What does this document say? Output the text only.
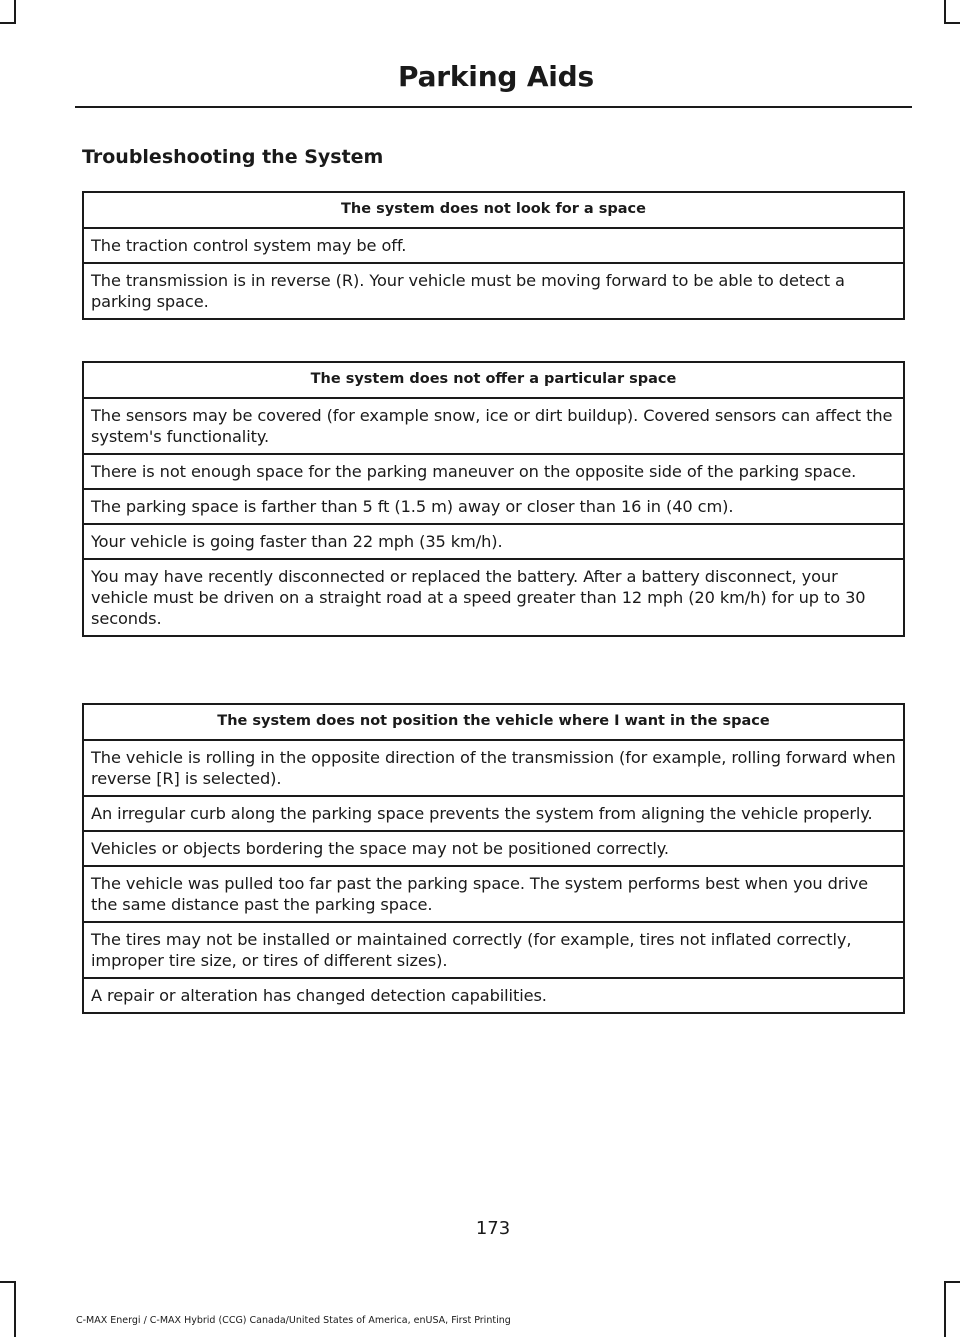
Parking Aids
Troubleshooting the System
The system does not look for a space
The traction control system may be off.
The transmission is in reverse (R). Your vehicle must be moving forward to be able to detect a parking space.
The system does not offer a particular space
The sensors may be covered (for example snow, ice or dirt buildup). Covered sensors can affect the system's functionality.
There is not enough space for the parking maneuver on the opposite side of the parking space.
The parking space is farther than 5 ft (1.5 m) away or closer than 16 in (40 cm).
Your vehicle is going faster than 22 mph (35 km/h).
You may have recently disconnected or replaced the battery. After a battery disconnect, your vehicle must be driven on a straight road at a speed greater than 12 mph (20 km/h) for up to 30 seconds.
The system does not position the vehicle where I want in the space
The vehicle is rolling in the opposite direction of the transmission (for example, rolling forward when reverse [R] is selected).
An irregular curb along the parking space prevents the system from aligning the vehicle properly.
Vehicles or objects bordering the space may not be positioned correctly.
The vehicle was pulled too far past the parking space. The system performs best when you drive the same distance past the parking space.
The tires may not be installed or maintained correctly (for example, tires not inflated correctly, improper tire size, or tires of different sizes).
A repair or alteration has changed detection capabilities.
173
C-MAX Energi / C-MAX Hybrid (CCG) Canada/United States of America, enUSA, First Printing
